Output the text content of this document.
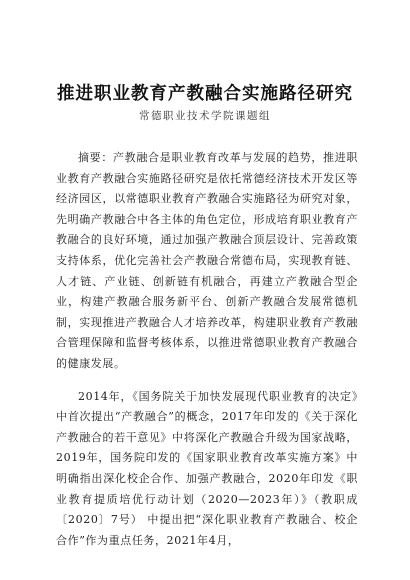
推进职业教育产教融合实施路径研究
常德职业技术学院课题组

摘要：产教融合是职业教育改革与发展的趋势，推进职业教育产教融合实施路径研究是依托常德经济技术开发区等经济园区，以常德职业教育产教融合实施路径为研究对象，先明确产教融合中各主体的角色定位，形成培育职业教育产教融合的良好环境，通过加强产教融合顶层设计、完善政策支持体系，优化完善社会产教融合常德布局，实现教育链、人才链、产业链、创新链有机融合，再建立产教融合型企业，构建产教融合服务新平台、创新产教融合发展常德机制，实现推进产教融合人才培养改革，构建职业教育产教融合管理保障和监督考核体系，以推进常德职业教育产教融合的健康发展。

2014年，《国务院关于加快发展现代职业教育的决定》中首次提出“产教融合”的概念，2017年印发的《关于深化产教融合的若干意见》中将深化产教融合升级为国家战略，2019年，国务院印发的《国家职业教育改革实施方案》中明确指出深化校企合作、加强产教融合，2020年印发《职业教育提质培优行动计划（2020—2023年）》（教职成〔2020〕7号） 中提出把“深化职业教育产教融合、校企合作”作为重点任务，2021年4月，
